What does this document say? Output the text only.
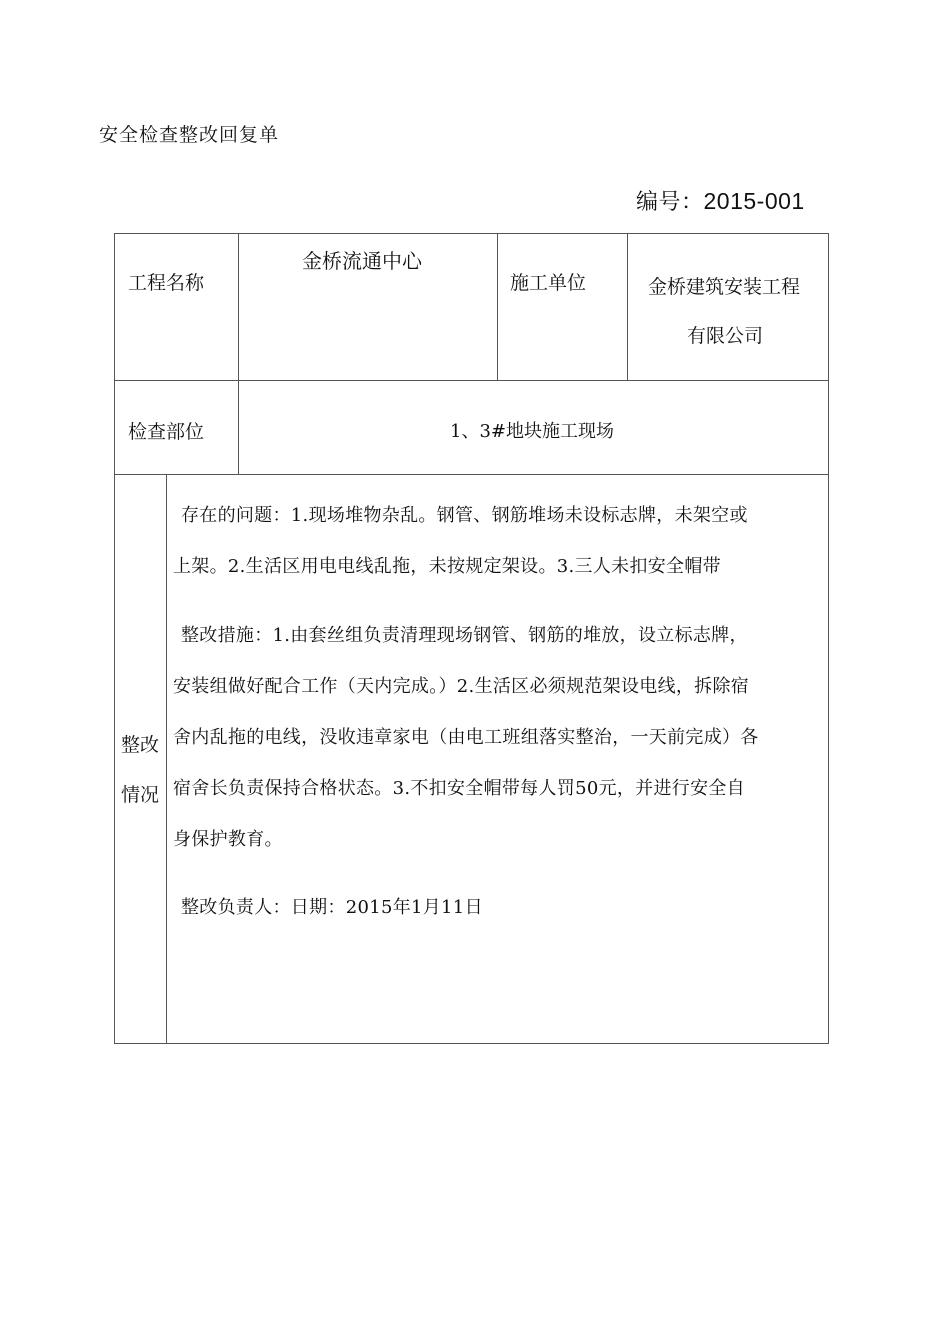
安全检查整改回复单
编号：2015-001
工程名称
金桥流通中心
施工单位	金桥建筑安装工程
有限公司
检查部位	1、3#地块施工现场
整改
情况

存在的问题：1.现场堆物杂乱。钢管、钢筋堆场未设标志牌，未架空或

上架。2.生活区用电电线乱拖，未按规定架设。3.三人未扣安全帽带

整改措施：1.由套丝组负责清理现场钢管、钢筋的堆放，设立标志牌，

安装组做好配合工作（天内完成。）2.生活区必须规范架设电线，拆除宿

舍内乱拖的电线，没收违章家电（由电工班组落实整治，一天前完成）各

宿舍长负责保持合格状态。3.不扣安全帽带每人罚50元，并进行安全自

身保护教育。

整改负责人：日期：2015年1月11日
